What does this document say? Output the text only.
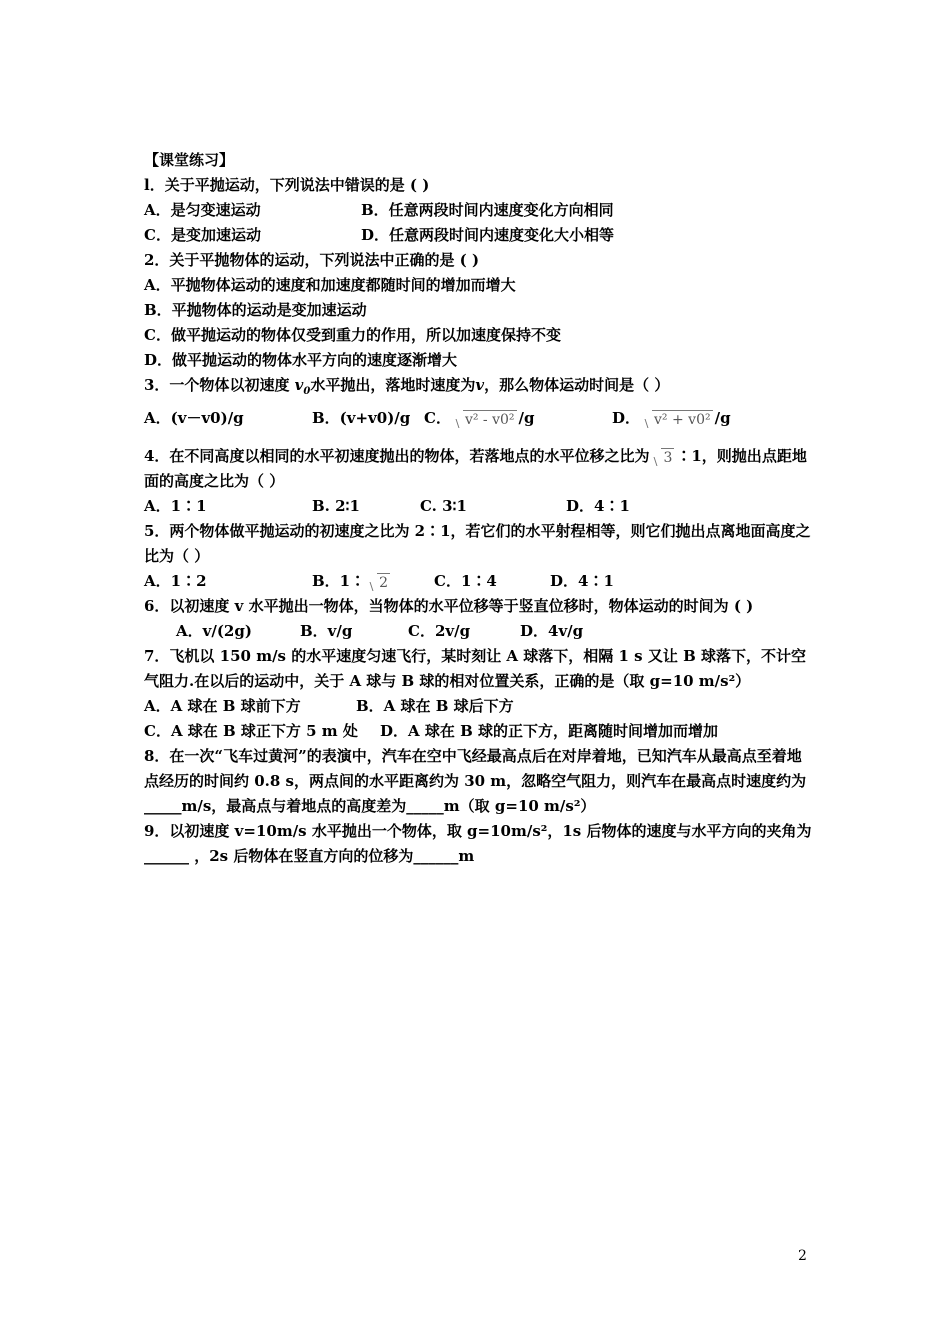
【课堂练习】
l．关于平抛运动，下列说法中错误的是 ( )
A．是匀变速运动	B．任意两段时间内速度变化方向相同
C．是变加速运动	D．任意两段时间内速度变化大小相等
2．关于平抛物体的运动，下列说法中正确的是 ( )
A．平抛物体运动的速度和加速度都随时间的增加而增大
B．平抛物体的运动是变加速运动
C．做平抛运动的物体仅受到重力的作用，所以加速度保持不变
D．做平抛运动的物体水平方向的速度逐渐增大
3．一个物体以初速度 $v_0$水平抛出，落地时速度为v，那么物体运动时间是（ ）
A．(v－v0)/g	B．(v+v0)/g C． v² - v0² /g	D． v² + v0² /g
4．在不同高度以相同的水平初速度抛出的物体，若落地点的水平位移之比为 3 ∶1，则抛出点距地面的高度之比为（ ）
A．1∶1	B. 2∶1	C. 3∶1	D．4∶1
5．两个物体做平抛运动的初速度之比为 2∶1，若它们的水平射程相等，则它们抛出点离地面高度之比为（ ）
A．1∶2	B．1∶ 2	C．1∶4	D．4∶1
6．以初速度 v 水平抛出一物体，当物体的水平位移等于竖直位移时，物体运动的时间为 ( )
A．v/(2g)	B．v/g	C．2v/g	D．4v/g
7．飞机以 150 m/s 的水平速度匀速飞行，某时刻让 A 球落下，相隔 1 s 又让 B 球落下，不计空气阻力.在以后的运动中，关于 A 球与 B 球的相对位置关系，正确的是（取 g=10 m/s²）
A．A 球在 B 球前下方	B．A 球在 B 球后下方
C．A 球在 B 球正下方 5 m 处	D．A 球在 B 球的正下方，距离随时间增加而增加
8．在一次“飞车过黄河”的表演中，汽车在空中飞经最高点后在对岸着地，已知汽车从最高点至着地点经历的时间约 0.8 s，两点间的水平距离约为 30 m，忽略空气阻力，则汽车在最高点时速度约为_____m/s，最高点与着地点的高度差为_____m（取 g=10 m/s²）
9．以初速度 v=10m/s 水平抛出一个物体，取 g=10m/s²，1s 后物体的速度与水平方向的夹角为______ ，2s 后物体在竖直方向的位移为______m
2
